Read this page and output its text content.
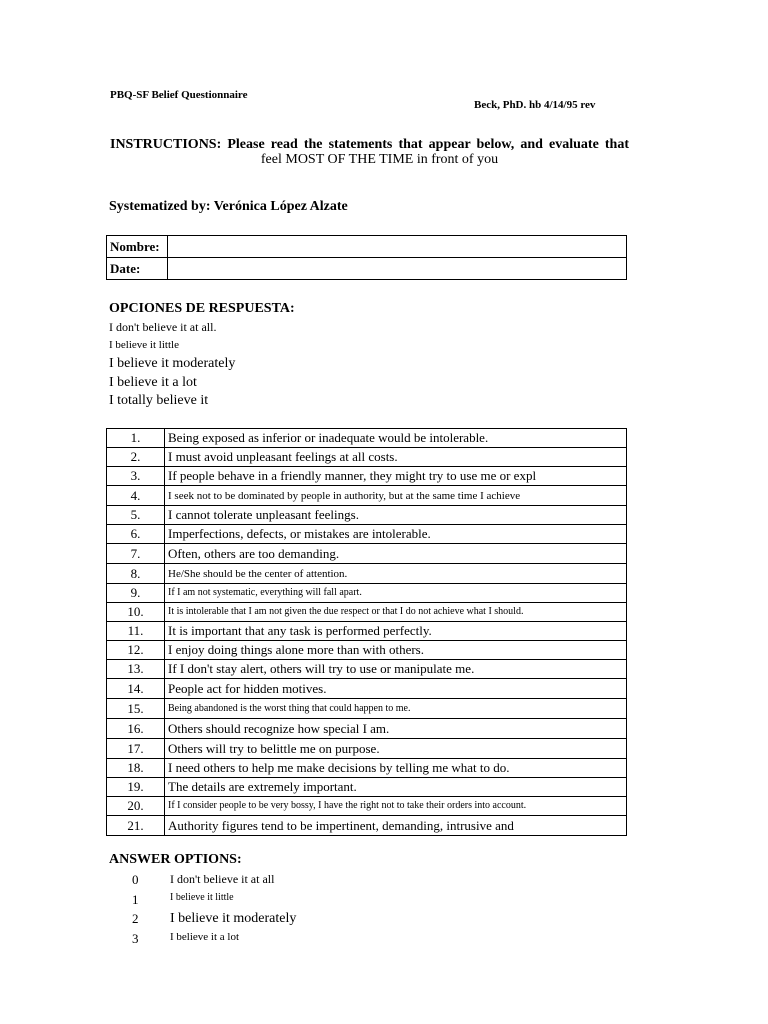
PBQ-SF Belief Questionnaire
Beck, PhD. hb 4/14/95 rev
INSTRUCTIONS: Please read the statements that appear below, and evaluate that
feel MOST OF THE TIME in front of you
Systematized by: Verónica López Alzate
Nombre:	
Date:	
OPCIONES DE RESPUESTA:
I don't believe it at all.
I believe it little
I believe it moderately
I believe it a lot
I totally believe it
1.	Being exposed as inferior or inadequate would be intolerable.
2.	I must avoid unpleasant feelings at all costs.
3.	If people behave in a friendly manner, they might try to use me or expl
4.	I seek not to be dominated by people in authority, but at the same time I achieve
5.	I cannot tolerate unpleasant feelings.
6.	Imperfections, defects, or mistakes are intolerable.
7.	Often, others are too demanding.
8.	He/She should be the center of attention.
9.	If I am not systematic, everything will fall apart.
10.	It is intolerable that I am not given the due respect or that I do not achieve what I should.
11.	It is important that any task is performed perfectly.
12.	I enjoy doing things alone more than with others.
13.	If I don't stay alert, others will try to use or manipulate me.
14.	People act for hidden motives.
15.	Being abandoned is the worst thing that could happen to me.
16.	Others should recognize how special I am.
17.	Others will try to belittle me on purpose.
18.	I need others to help me make decisions by telling me what to do.
19.	The details are extremely important.
20.	If I consider people to be very bossy, I have the right not to take their orders into account.
21.	Authority figures tend to be impertinent, demanding, intrusive and
ANSWER OPTIONS:
0	I don't believe it at all
1	I believe it little
2 I believe it moderately
3	I believe it a lot
